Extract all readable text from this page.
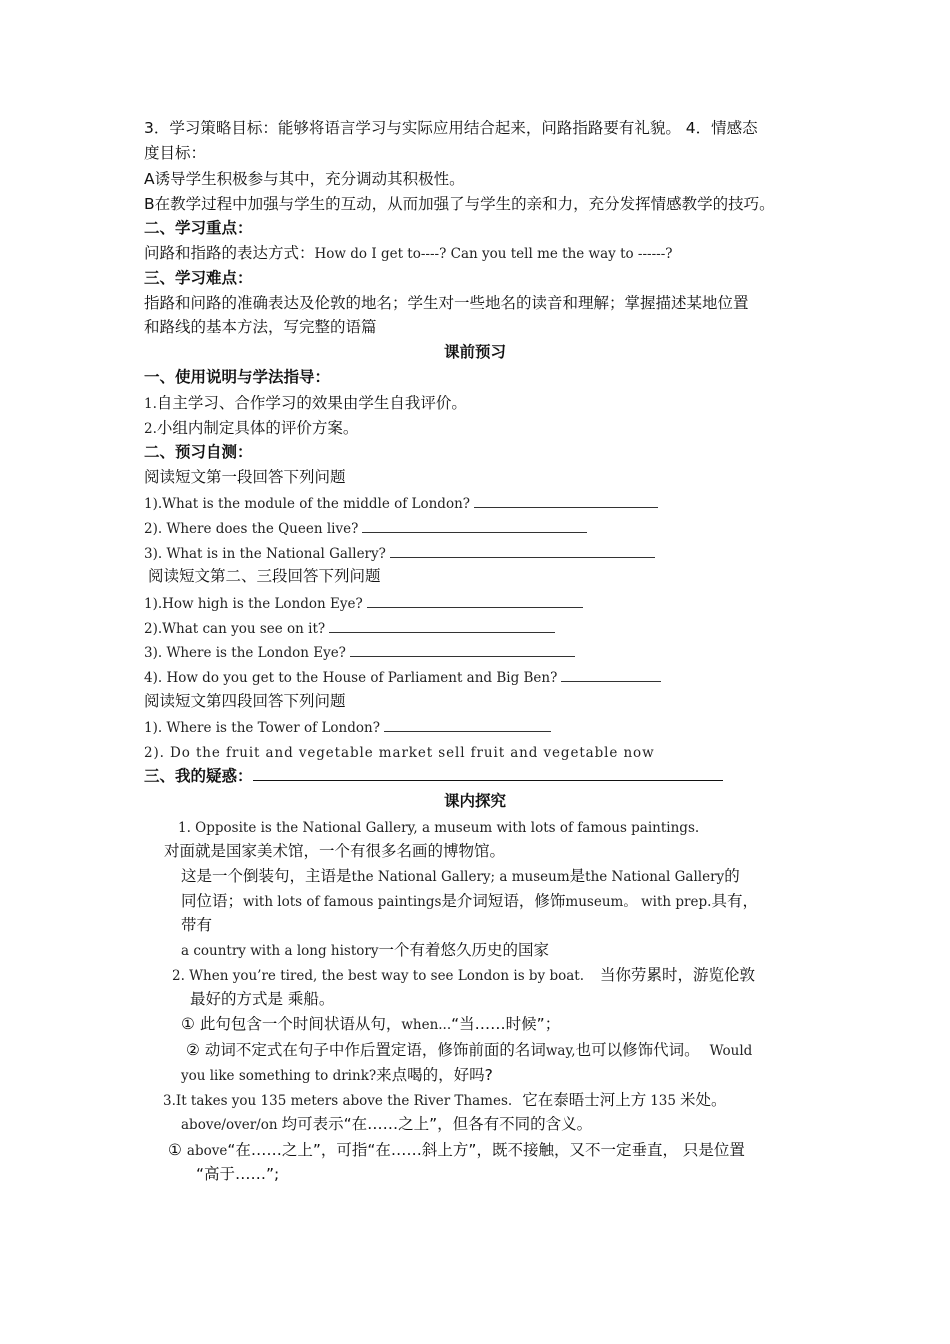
3．学习策略目标：能够将语言学习与实际应用结合起来，问路指路要有礼貌。 4．情感态
度目标：
A诱导学生积极参与其中，充分调动其积极性。
B在教学过程中加强与学生的互动，从而加强了与学生的亲和力，充分发挥情感教学的技巧。
二、学习重点：
问路和指路的表达方式：How do I get to----? Can you tell me the way to ------?
三、学习难点：
指路和问路的准确表达及伦敦的地名；学生对一些地名的读音和理解；掌握描述某地位置
和路线的基本方法，写完整的语篇
课前预习
一、使用说明与学法指导：
1.自主学习、合作学习的效果由学生自我评价。
2.小组内制定具体的评价方案。
二、预习自测：
阅读短文第一段回答下列问题
1).What is the module of the middle of London?
2). Where does the Queen live?
3). What is in the National Gallery?
阅读短文第二、三段回答下列问题
1).How high is the London Eye?
2).What can you see on it?
3). Where is the London Eye?
4). How do you get to the House of Parliament and Big Ben?
阅读短文第四段回答下列问题
1). Where is the Tower of London?
2). Do the fruit and vegetable market sell fruit and vegetable now
三、我的疑惑：
课内探究
1. Opposite is the National Gallery, a museum with lots of famous paintings.
对面就是国家美术馆，一个有很多名画的博物馆。
这是一个倒装句，主语是the National Gallery; a museum是the National Gallery的
同位语；with lots of famous paintings是介词短语，修饰museum。 with prep.具有，
带有
a country with a long history一个有着悠久历史的国家
2. When you’re tired, the best way to see London is by boat. 当你劳累时，游览伦敦
最好的方式是 乘船。
① 此句包含一个时间状语从句，when...“当……时候”；
② 动词不定式在句子中作后置定语，修饰前面的名词way,也可以修饰代词。 Would
you like something to drink?来点喝的，好吗?
3.It takes you 135 meters above the River Thames. 它在泰晤士河上方 135 米处。
above/over/on 均可表示“在……之上”，但各有不同的含义。
① above“在……之上”，可指“在……斜上方”，既不接触，又不一定垂直， 只是位置
“高于……”;
